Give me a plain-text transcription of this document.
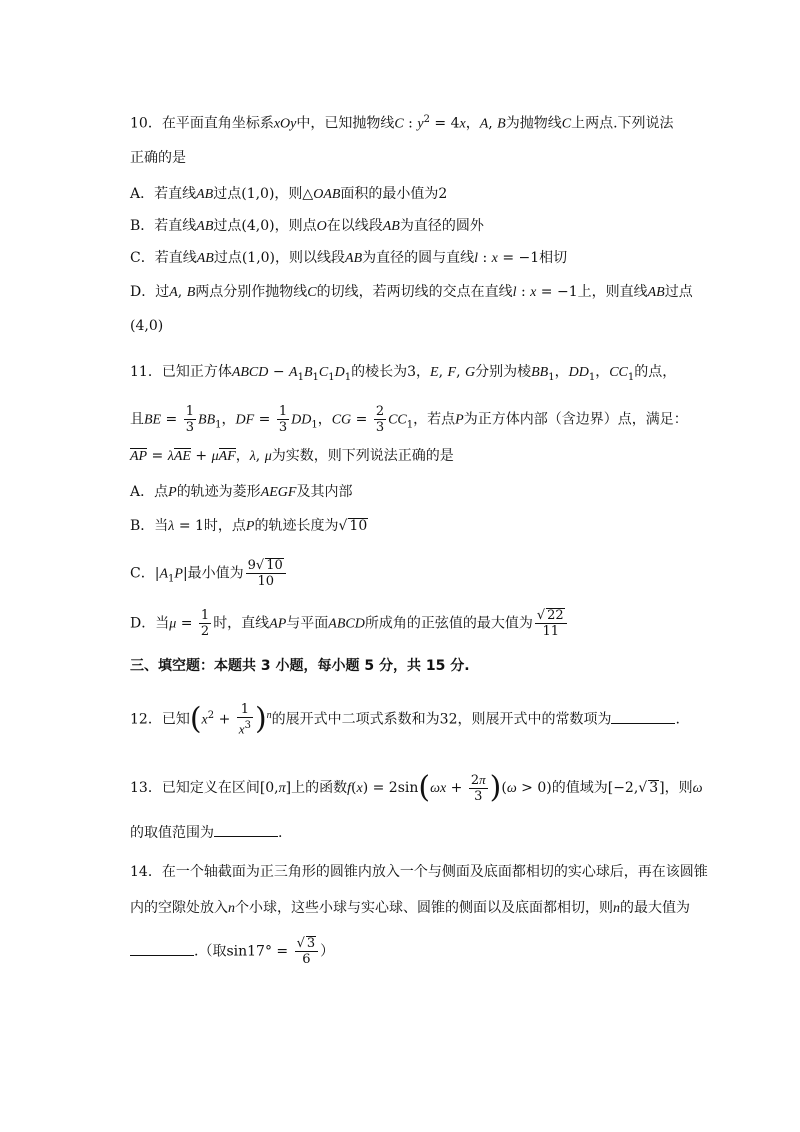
10．在平面直角坐标系xOy中，已知抛物线C : $y^2 = 4x$，A, B为抛物线C上两点.下列说法
正确的是
A．若直线AB过点(1,0)，则△OAB面积的最小值为2
B．若直线AB过点(4,0)，则点O在以线段AB为直径的圆外
C．若直线AB过点(1,0)，则以线段AB为直径的圆与直线l : x = −1相切
D．过A, B两点分别作抛物线C的切线，若两切线的交点在直线l : x = −1上，则直线AB过点
(4,0)
11．已知正方体ABCD − $A_1B_1C_1D_1$的棱长为3，E, F, G分别为棱$BB_1$，$DD_1$，$CC_1$的点，
且BE = $\frac{1}{3} BB_1$，DF = $\frac{1}{3} DD_1$，CG = $\frac{2}{3} CC_1$，若点P为正方体内部（含边界）点，满足：
AP = λAE + μAF，λ, μ为实数，则下列说法正确的是
A．点P的轨迹为菱形AEGF及其内部
B．当λ = 1时，点P的轨迹长度为√ 10
C．$|A_1P|$最小值为 $\frac{9√ 10}{10}$
D．当$\mu = \frac{1}{2}$ 时，直线AP与平面ABCD所成角的正弦值的最大值为 $\frac{√ 22}{11}$
三、填空题：本题共 3 小题，每小题 5 分，共 15 分.
12．已知$(x^2 + \frac{1}{x^3} )^n$的展开式中二项式系数和为32，则展开式中的常数项为	.
13．已知定义在区间[0,π]上的函数$f(x) = 2\sin(\omega x + \frac{2\pi}{3} )(\omega > 0)$的值域为[−2,√ 3]，则ω
的取值范围为	.
14．在一个轴截面为正三角形的圆锥内放入一个与侧面及底面都相切的实心球后，再在该圆锥
内的空隙处放入n个小球，这些小球与实心球、圆锥的侧面以及底面都相切，则n的最大值为
.（取$\sin 17^\circ = \frac{√ 3}{6}$ ）
